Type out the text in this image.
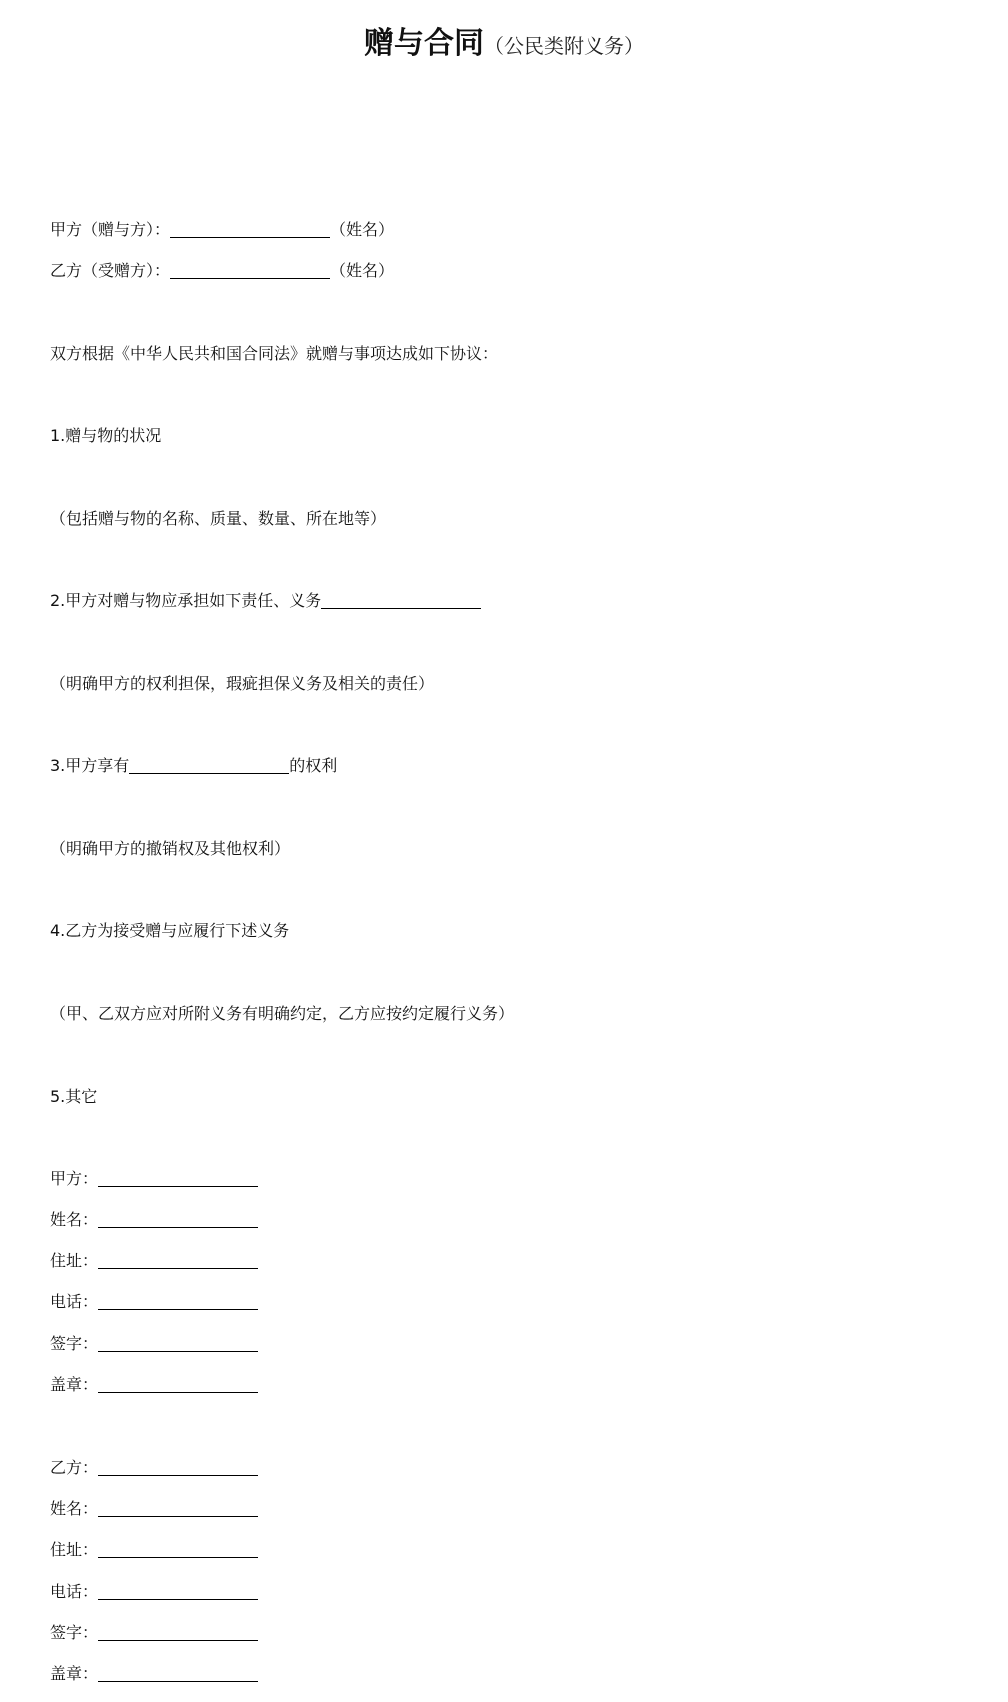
赠与合同（公民类附义务）
甲方（赠与方）：	（姓名）
乙方（受赠方）：	（姓名）
双方根据《中华人民共和国合同法》就赠与事项达成如下协议：
1.赠与物的状况
（包括赠与物的名称、质量、数量、所在地等）
2.甲方对赠与物应承担如下责任、义务
（明确甲方的权利担保，瑕疵担保义务及相关的责任）
3.甲方享有	的权利
（明确甲方的撤销权及其他权利）
4.乙方为接受赠与应履行下述义务
（甲、乙双方应对所附义务有明确约定，乙方应按约定履行义务）
5.其它
甲方：
姓名：
住址：
电话：
签字：
盖章：
乙方：
姓名：
住址：
电话：
签字：
盖章：
